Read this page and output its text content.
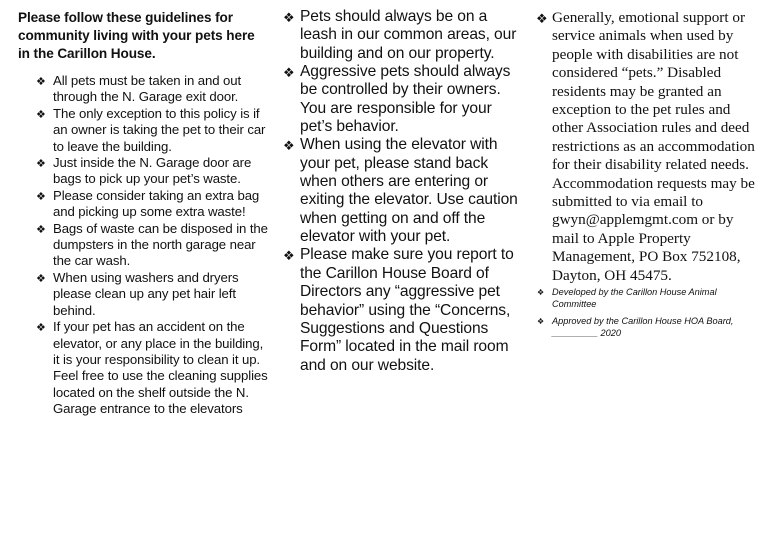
Please follow these guidelines for community living with your pets here in the Carillon House.
❖ All pets must be taken in and out through the N. Garage exit door.
❖ The only exception to this policy is if an owner is taking the pet to their car to leave the building.
❖ Just inside the N. Garage door are bags to pick up your pet’s waste.
❖ Please consider taking an extra bag and picking up some extra waste!
❖ Bags of waste can be disposed in the dumpsters in the north garage near the car wash.
❖ When using washers and dryers please clean up any pet hair left behind.
❖ If your pet has an accident on the elevator, or any place in the building, it is your responsibility to clean it up. Feel free to use the cleaning supplies located on the shelf outside the N. Garage entrance to the elevators
❖ Pets should always be on a leash in our common areas, our building and on our property.
❖ Aggressive pets should always be controlled by their owners. You are responsible for your pet’s behavior.
❖ When using the elevator with your pet, please stand back when others are entering or exiting the elevator. Use caution when getting on and off the elevator with your pet.
❖ Please make sure you report to the Carillon House Board of Directors any “aggressive pet behavior” using the “Concerns, Suggestions and Questions Form” located in the mail room and on our website.
❖ Generally, emotional support or service animals when used by people with disabilities are not considered “pets.” Disabled residents may be granted an exception to the pet rules and other Association rules and deed restrictions as an accommodation for their disability related needs. Accommodation requests may be submitted to via email to gwyn@applemgmt.com or by mail to Apple Property Management, PO Box 752108, Dayton, OH 45475.
❖ Developed by the Carillon House Animal Committee
❖ Approved by the Carillon House HOA Board, _________ 2020
